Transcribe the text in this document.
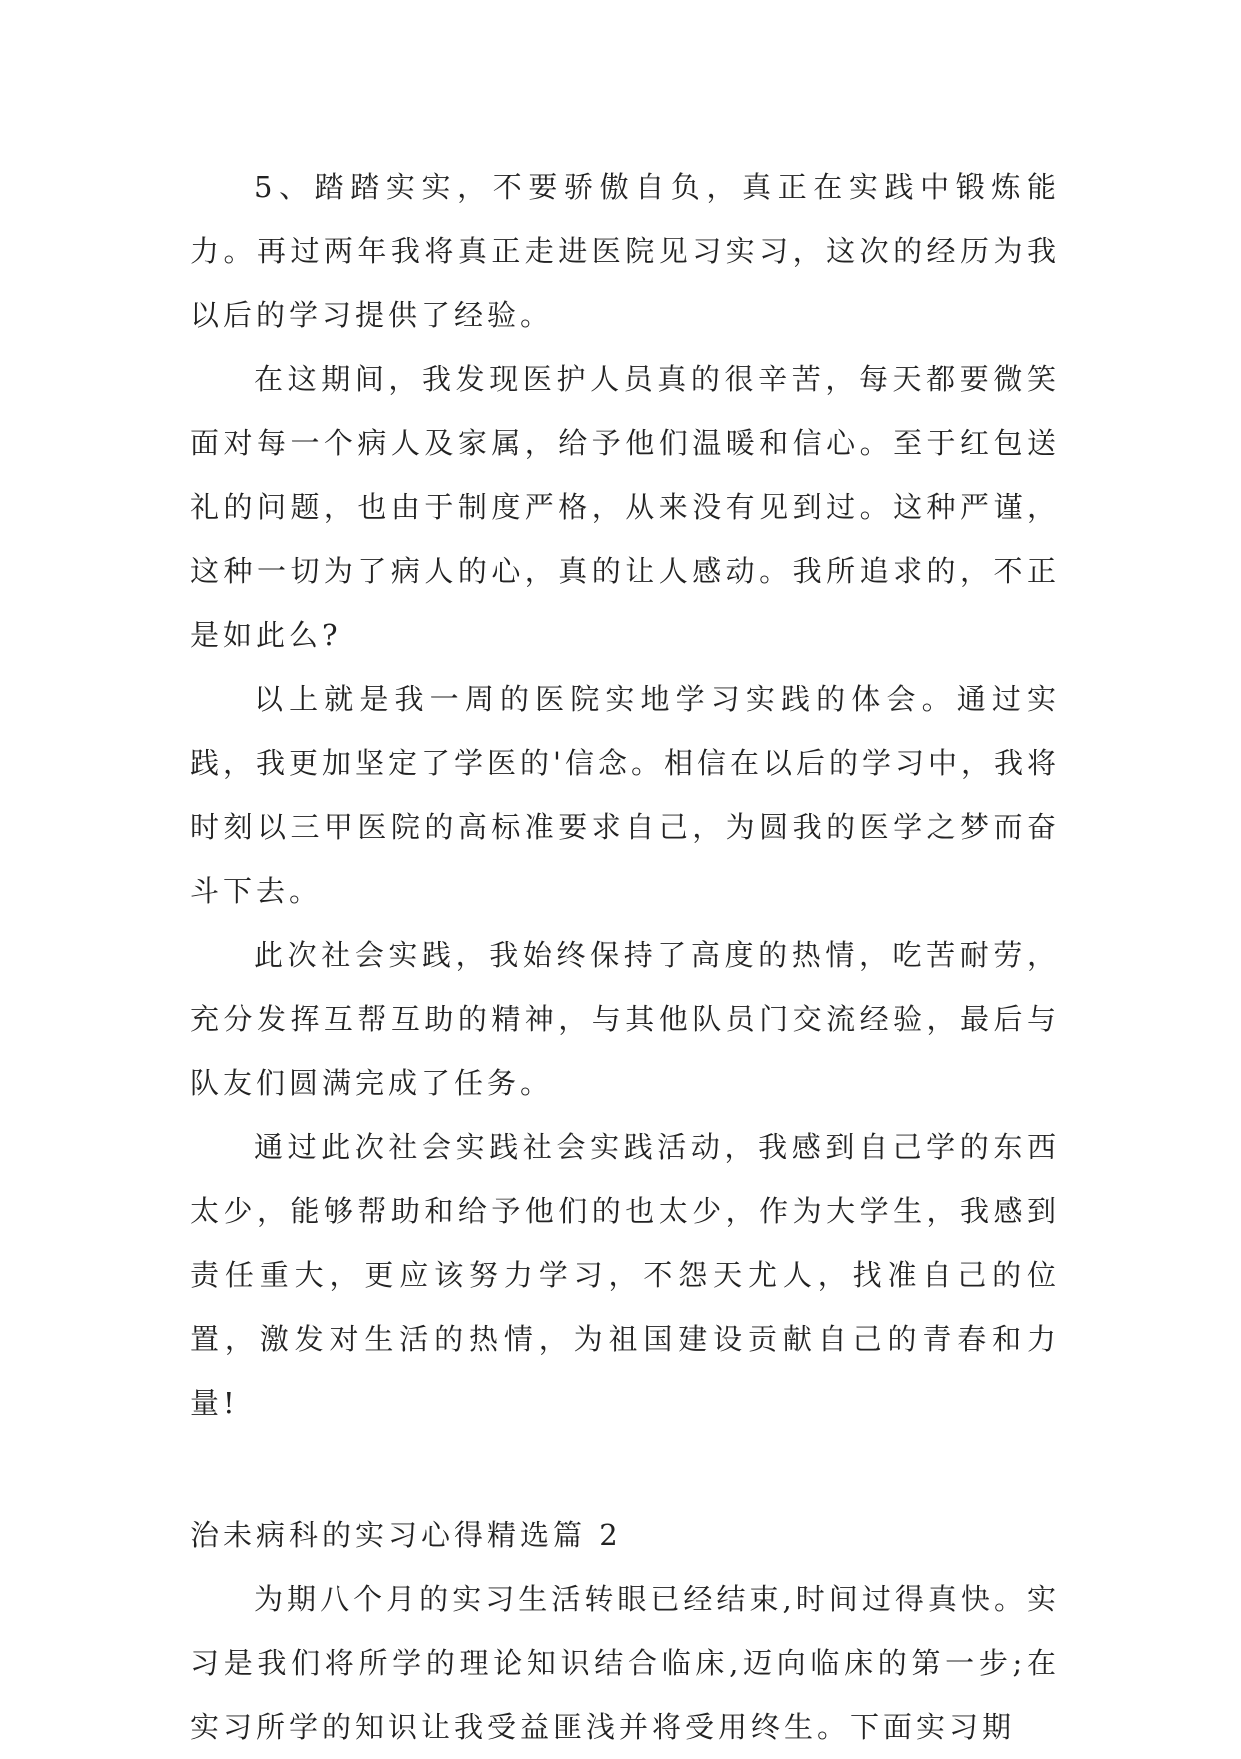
5、踏踏实实，不要骄傲自负，真正在实践中锻炼能力。再过两年我将真正走进医院见习实习，这次的经历为我以后的学习提供了经验。

在这期间，我发现医护人员真的很辛苦，每天都要微笑面对每一个病人及家属，给予他们温暖和信心。至于红包送礼的问题，也由于制度严格，从来没有见到过。这种严谨，这种一切为了病人的心，真的让人感动。我所追求的，不正是如此么?

以上就是我一周的医院实地学习实践的体会。通过实践，我更加坚定了学医的'信念。相信在以后的学习中，我将时刻以三甲医院的高标准要求自己，为圆我的医学之梦而奋斗下去。

此次社会实践，我始终保持了高度的热情，吃苦耐劳，充分发挥互帮互助的精神，与其他队员门交流经验，最后与队友们圆满完成了任务。

通过此次社会实践社会实践活动，我感到自己学的东西太少，能够帮助和给予他们的也太少，作为大学生，我感到责任重大，更应该努力学习，不怨天尤人，找准自己的位置，激发对生活的热情，为祖国建设贡献自己的青春和力量!

治未病科的实习心得精选篇 2

为期八个月的实习生活转眼已经结束,时间过得真快。实习是我们将所学的理论知识结合临床,迈向临床的第一步;在实习所学的知识让我受益匪浅并将受用终生。下面实习期
